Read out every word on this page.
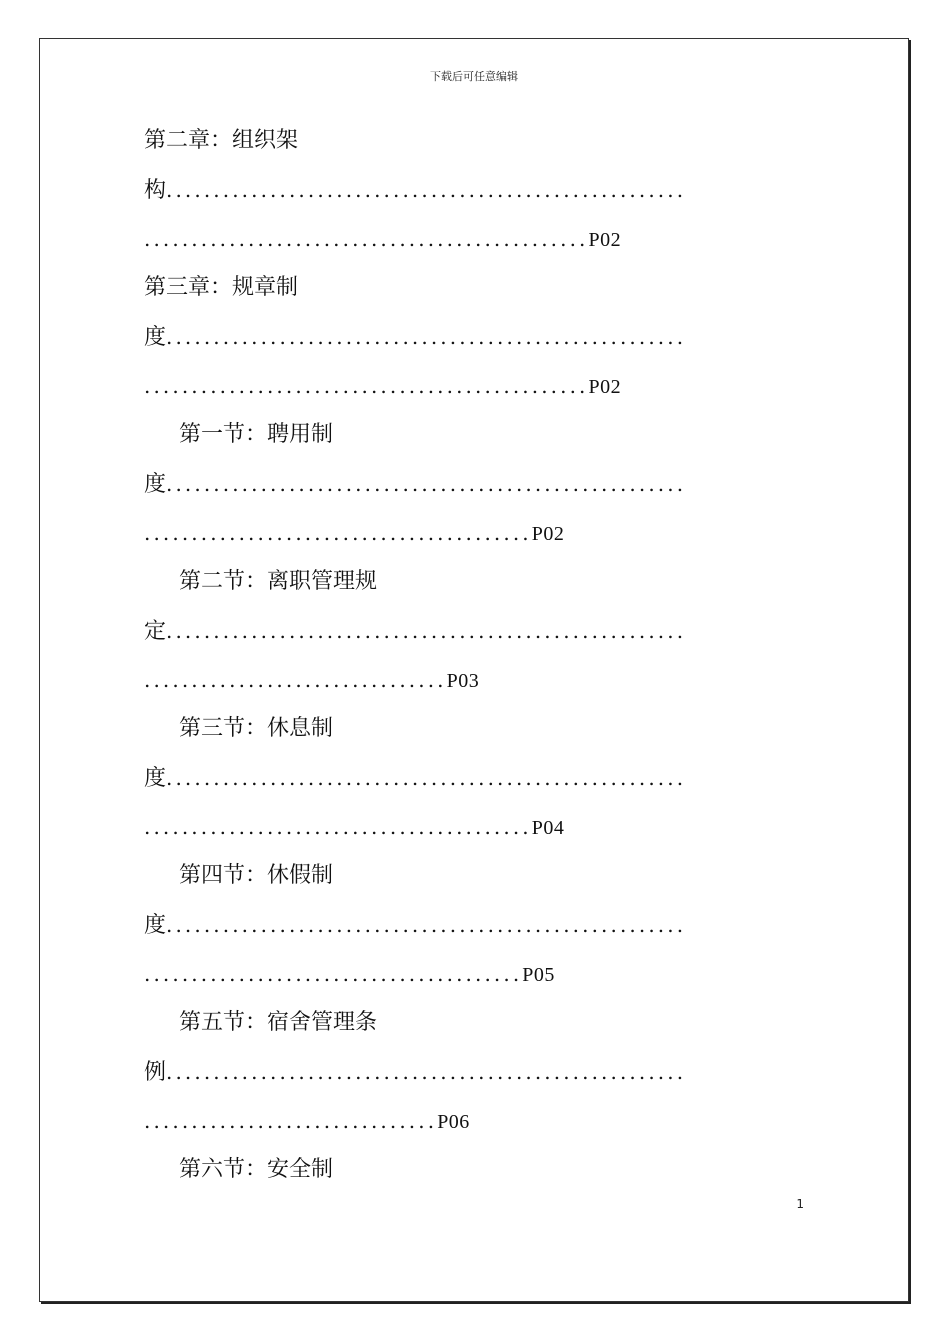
下载后可任意编辑
第二章：组织架
构.......................................................
...............................................P02
第三章：规章制
度.......................................................
...............................................P02
第一节：聘用制
度.......................................................
.........................................P02
第二节：离职管理规
定.......................................................
................................P03
第三节：休息制
度.......................................................
.........................................P04
第四节：休假制
度.......................................................
........................................P05
第五节：宿舍管理条
例.......................................................
...............................P06
第六节：安全制
1
